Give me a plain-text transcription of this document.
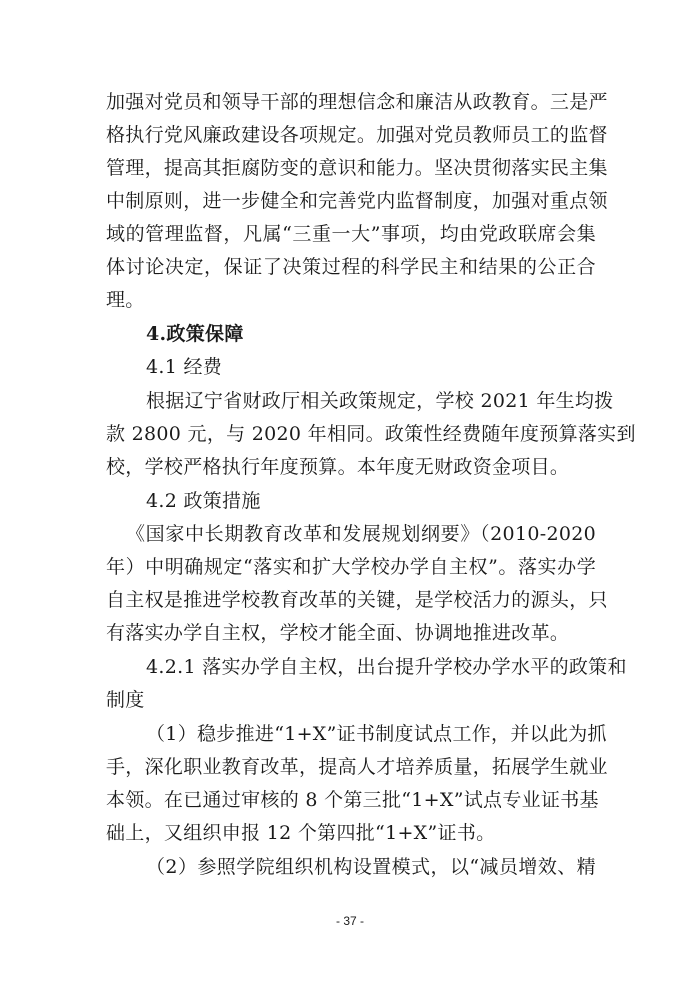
加强对党员和领导干部的理想信念和廉洁从政教育。三是严
格执行党风廉政建设各项规定。加强对党员教师员工的监督
管理，提高其拒腐防变的意识和能力。坚决贯彻落实民主集
中制原则，进一步健全和完善党内监督制度，加强对重点领
域的管理监督，凡属“三重一大”事项，均由党政联席会集
体讨论决定，保证了决策过程的科学民主和结果的公正合
理。
4.政策保障
4.1 经费
根据辽宁省财政厅相关政策规定，学校 2021 年生均拨
款 2800 元，与 2020 年相同。政策性经费随年度预算落实到
校，学校严格执行年度预算。本年度无财政资金项目。
4.2 政策措施
《国家中长期教育改革和发展规划纲要》（2010-2020
年）中明确规定“落实和扩大学校办学自主权”。落实办学
自主权是推进学校教育改革的关键，是学校活力的源头，只
有落实办学自主权，学校才能全面、协调地推进改革。
4.2.1 落实办学自主权，出台提升学校办学水平的政策和
制度
（1）稳步推进“1+X”证书制度试点工作，并以此为抓
手，深化职业教育改革，提高人才培养质量，拓展学生就业
本领。在已通过审核的 8 个第三批“1+X”试点专业证书基
础上，又组织申报 12 个第四批“1+X”证书。
（2）参照学院组织机构设置模式，以“减员增效、精
- 37 -
